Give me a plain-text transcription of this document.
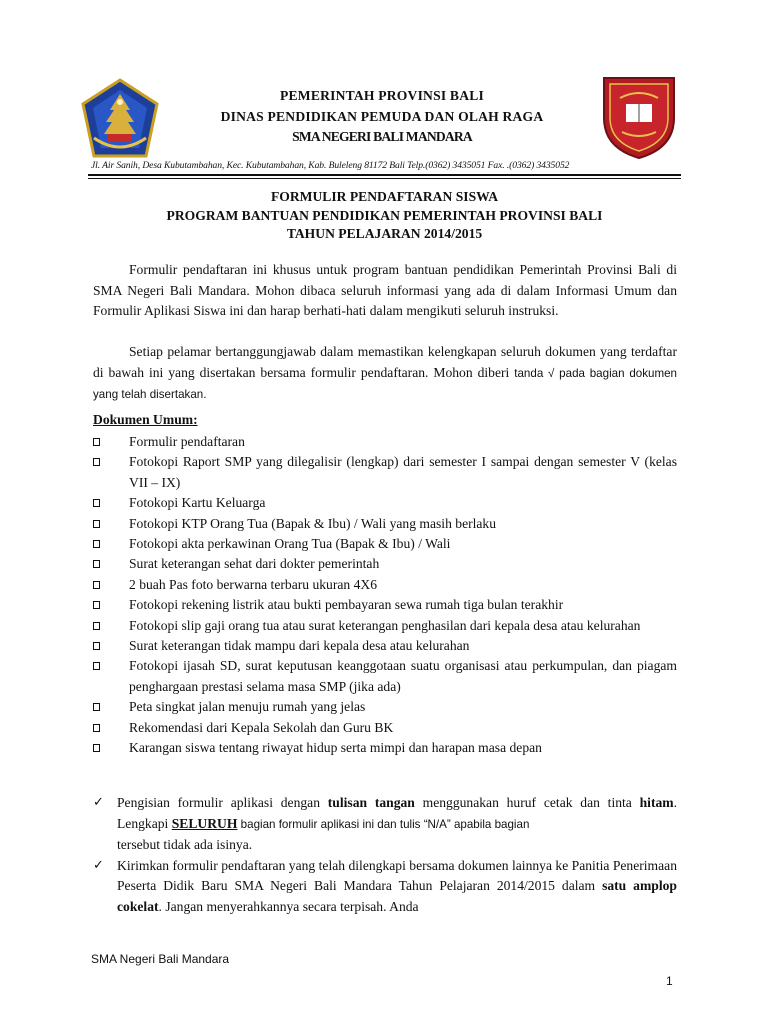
PEMERINTAH PROVINSI BALI
DINAS PENDIDIKAN PEMUDA DAN OLAH RAGA
SMA NEGERI BALI MANDARA
Jl. Air Sanih, Desa Kubutambahan, Kec. Kubutambahan, Kab. Buleleng 81172 Bali Telp.(0362) 3435051 Fax. .(0362) 3435052
FORMULIR PENDAFTARAN SISWA
PROGRAM BANTUAN PENDIDIKAN PEMERINTAH PROVINSI BALI
TAHUN PELAJARAN 2014/2015
Formulir pendaftaran ini khusus untuk program bantuan pendidikan Pemerintah Provinsi Bali di SMA Negeri Bali Mandara. Mohon dibaca seluruh informasi yang ada di dalam Informasi Umum dan Formulir Aplikasi Siswa ini dan harap berhati-hati dalam mengikuti seluruh instruksi.
Setiap pelamar bertanggungjawab dalam memastikan kelengkapan seluruh dokumen yang terdaftar di bawah ini yang disertakan bersama formulir pendaftaran. Mohon diberi tanda √ pada bagian dokumen yang telah disertakan.
Dokumen Umum:
Formulir pendaftaran
Fotokopi Raport SMP yang dilegalisir (lengkap) dari semester I sampai dengan semester V (kelas VII – IX)
Fotokopi Kartu Keluarga
Fotokopi KTP Orang Tua (Bapak & Ibu) / Wali yang masih berlaku
Fotokopi akta perkawinan Orang Tua (Bapak & Ibu) / Wali
Surat keterangan sehat dari dokter pemerintah
2 buah Pas foto berwarna terbaru ukuran 4X6
Fotokopi rekening listrik atau bukti pembayaran sewa rumah tiga bulan terakhir
Fotokopi slip gaji orang tua atau surat keterangan penghasilan dari kepala desa atau kelurahan
Surat keterangan tidak mampu dari kepala desa atau kelurahan
Fotokopi ijasah SD, surat keputusan keanggotaan suatu organisasi atau perkumpulan, dan piagam penghargaan prestasi selama masa SMP (jika ada)
Peta singkat jalan menuju rumah yang jelas
Rekomendasi dari Kepala Sekolah dan Guru BK
Karangan siswa tentang riwayat hidup serta mimpi dan harapan masa depan
✓ Pengisian formulir aplikasi dengan tulisan tangan menggunakan huruf cetak dan tinta hitam. Lengkapi SELURUH bagian formulir aplikasi ini dan tulis “N/A” apabila bagian
tersebut tidak ada isinya.
✓ Kirimkan formulir pendaftaran yang telah dilengkapi bersama dokumen lainnya ke Panitia Penerimaan Peserta Didik Baru SMA Negeri Bali Mandara Tahun Pelajaran 2014/2015 dalam satu amplop cokelat. Jangan menyerahkannya secara terpisah. Anda
SMA Negeri Bali Mandara
1
